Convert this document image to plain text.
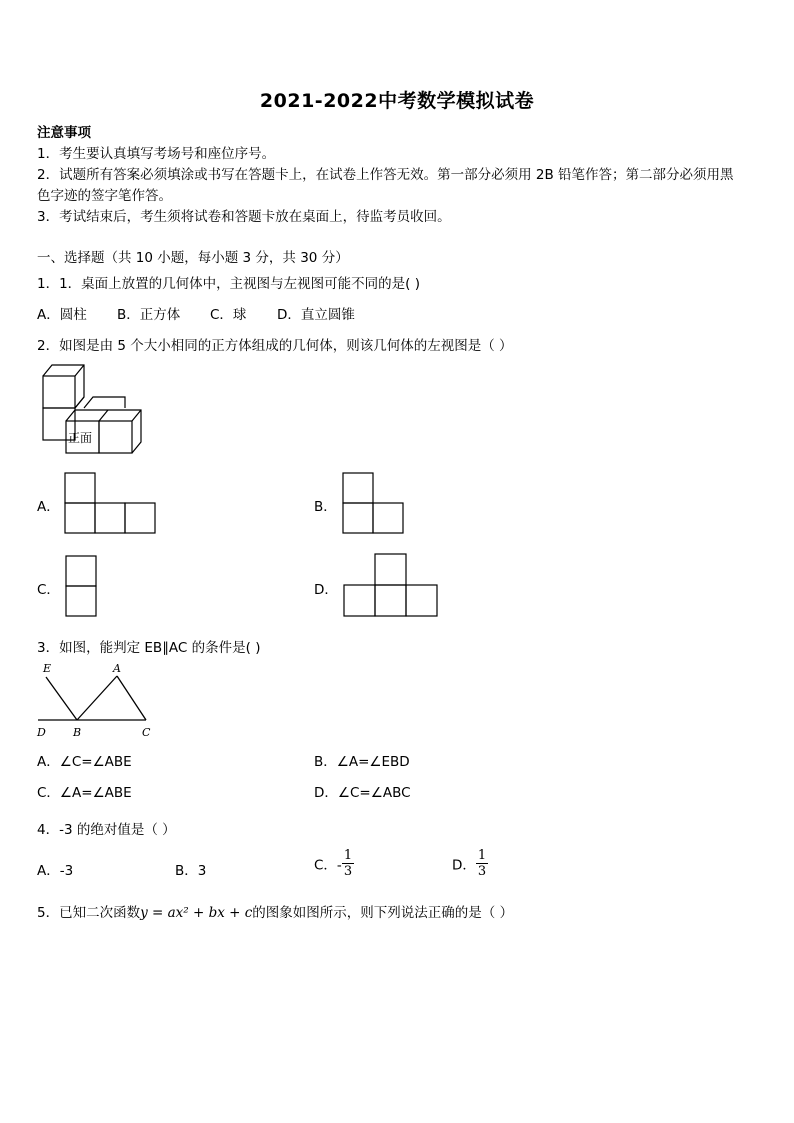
2021-2022中考数学模拟试卷
注意事项
1．考生要认真填写考场号和座位序号。
2．试题所有答案必须填涂或书写在答题卡上，在试卷上作答无效。第一部分必须用 2B 铅笔作答；第二部分必须用黑
色字迹的签字笔作答。
3．考试结束后，考生须将试卷和答题卡放在桌面上，待监考员收回。
一、选择题（共 10 小题，每小题 3 分，共 30 分）
1．1．桌面上放置的几何体中，主视图与左视图可能不同的是( )
A．圆柱 B．正方体 C．球 D．直立圆锥
2．如图是由 5 个大小相同的正方体组成的几何体，则该几何体的左视图是（ ）
正面
A．	B．
C．	D．
3．如图，能判定 EB∥AC 的条件是( )
E	A
D B	C
A．∠C=∠ABE	B．∠A=∠EBD
C．∠A=∠ABE	D．∠C=∠ABC
4．-3 的绝对值是（ ）
A．-3	B．3	C．- $\frac{1}{3}$	D． $\frac{1}{3}$
5．已知二次函数y = ax² + bx + c的图象如图所示，则下列说法正确的是（ ）
